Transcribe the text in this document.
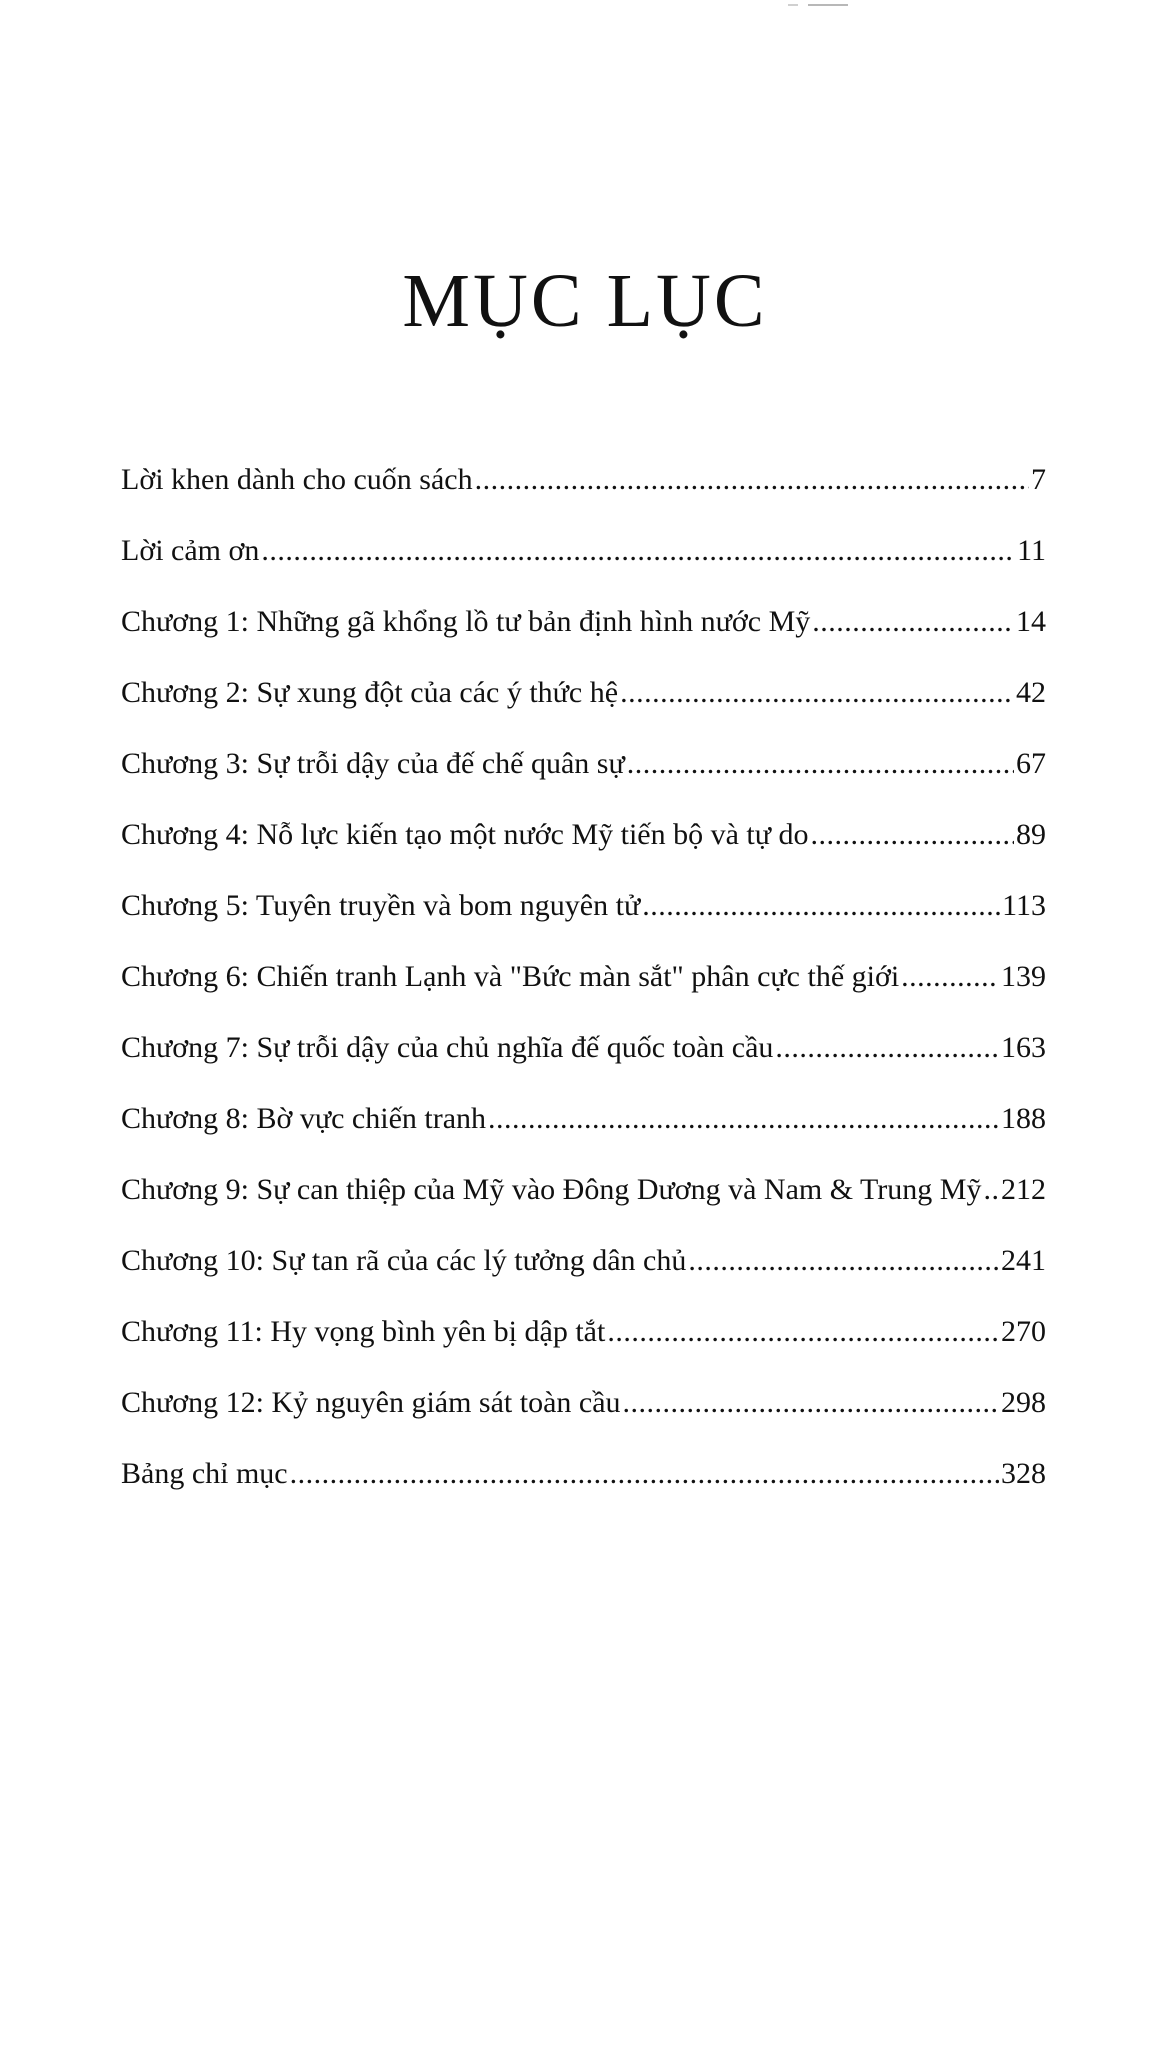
MỤC LỤC
Lời khen dành cho cuốn sách .....	7
Lời cảm ơn .....	11
Chương 1: Những gã khổng lồ tư bản định hình nước Mỹ .....	14
Chương 2: Sự xung đột của các ý thức hệ .....	42
Chương 3: Sự trỗi dậy của đế chế quân sự .....	67
Chương 4: Nỗ lực kiến tạo một nước Mỹ tiến bộ và tự do .....	89
Chương 5: Tuyên truyền và bom nguyên tử .....	113
Chương 6: Chiến tranh Lạnh và "Bức màn sắt" phân cực thế giới .....	139
Chương 7: Sự trỗi dậy của chủ nghĩa đế quốc toàn cầu .....	163
Chương 8: Bờ vực chiến tranh .....	188
Chương 9: Sự can thiệp của Mỹ vào Đông Dương và Nam & Trung Mỹ ..... 212
Chương 10: Sự tan rã của các lý tưởng dân chủ .....	241
Chương 11: Hy vọng bình yên bị dập tắt .....	270
Chương 12: Kỷ nguyên giám sát toàn cầu .....	298
Bảng chỉ mục .....	328
